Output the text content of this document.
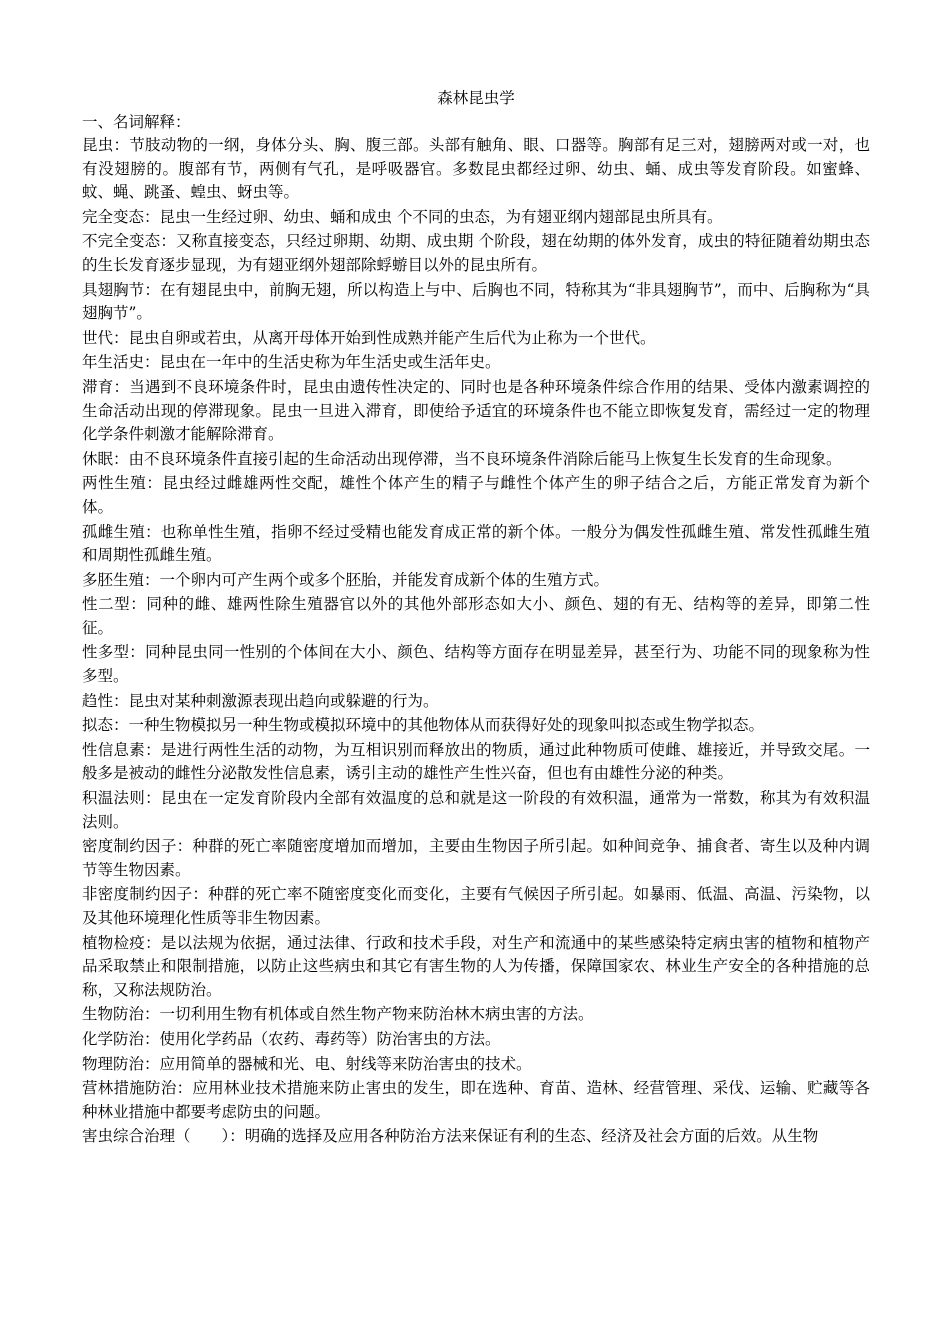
森林昆虫学

一、名词解释：

昆虫：节肢动物的一纲，身体分头、胸、腹三部。头部有触角、眼、口器等。胸部有足三对，翅膀两对或一对，也有没翅膀的。腹部有节，两侧有气孔，是呼吸器官。多数昆虫都经过卵、幼虫、蛹、成虫等发育阶段。如蜜蜂、蚊、蝇、跳蚤、蝗虫、蚜虫等。

完全变态：昆虫一生经过卵、幼虫、蛹和成虫 个不同的虫态，为有翅亚纲内翅部昆虫所具有。

不完全变态：又称直接变态，只经过卵期、幼期、成虫期 个阶段，翅在幼期的体外发育，成虫的特征随着幼期虫态的生长发育逐步显现，为有翅亚纲外翅部除蜉蝣目以外的昆虫所有。

具翅胸节：在有翅昆虫中，前胸无翅，所以构造上与中、后胸也不同，特称其为“非具翅胸节”，而中、后胸称为“具翅胸节”。

世代：昆虫自卵或若虫，从离开母体开始到性成熟并能产生后代为止称为一个世代。

年生活史：昆虫在一年中的生活史称为年生活史或生活年史。

滞育：当遇到不良环境条件时，昆虫由遗传性决定的、同时也是各种环境条件综合作用的结果、受体内激素调控的生命活动出现的停滞现象。昆虫一旦进入滞育，即使给予适宜的环境条件也不能立即恢复发育，需经过一定的物理化学条件刺激才能解除滞育。

休眠：由不良环境条件直接引起的生命活动出现停滞，当不良环境条件消除后能马上恢复生长发育的生命现象。

两性生殖：昆虫经过雌雄两性交配，雄性个体产生的精子与雌性个体产生的卵子结合之后，方能正常发育为新个体。

孤雌生殖：也称单性生殖，指卵不经过受精也能发育成正常的新个体。一般分为偶发性孤雌生殖、常发性孤雌生殖和周期性孤雌生殖。

多胚生殖：一个卵内可产生两个或多个胚胎，并能发育成新个体的生殖方式。

性二型：同种的雌、雄两性除生殖器官以外的其他外部形态如大小、颜色、翅的有无、结构等的差异，即第二性征。

性多型：同种昆虫同一性别的个体间在大小、颜色、结构等方面存在明显差异，甚至行为、功能不同的现象称为性多型。

趋性：昆虫对某种刺激源表现出趋向或躲避的行为。

拟态：一种生物模拟另一种生物或模拟环境中的其他物体从而获得好处的现象叫拟态或生物学拟态。

性信息素：是进行两性生活的动物，为互相识别而释放出的物质，通过此种物质可使雌、雄接近，并导致交尾。一般多是被动的雌性分泌散发性信息素，诱引主动的雄性产生性兴奋，但也有由雄性分泌的种类。

积温法则：昆虫在一定发育阶段内全部有效温度的总和就是这一阶段的有效积温，通常为一常数，称其为有效积温法则。

密度制约因子：种群的死亡率随密度增加而增加，主要由生物因子所引起。如种间竞争、捕食者、寄生以及种内调节等生物因素。

非密度制约因子：种群的死亡率不随密度变化而变化，主要有气候因子所引起。如暴雨、低温、高温、污染物，以及其他环境理化性质等非生物因素。

植物检疫：是以法规为依据，通过法律、行政和技术手段，对生产和流通中的某些感染特定病虫害的植物和植物产品采取禁止和限制措施，以防止这些病虫和其它有害生物的人为传播，保障国家农、林业生产安全的各种措施的总称，又称法规防治。

生物防治：一切利用生物有机体或自然生物产物来防治林木病虫害的方法。

化学防治：使用化学药品（农药、毒药等）防治害虫的方法。

物理防治：应用简单的器械和光、电、射线等来防治害虫的技术。

营林措施防治：应用林业技术措施来防止害虫的发生，即在选种、育苗、造林、经营管理、采伐、运输、贮藏等各种林业措施中都要考虑防虫的问题。

害虫综合治理（　　）：明确的选择及应用各种防治方法来保证有利的生态、经济及社会方面的后效。从生物
